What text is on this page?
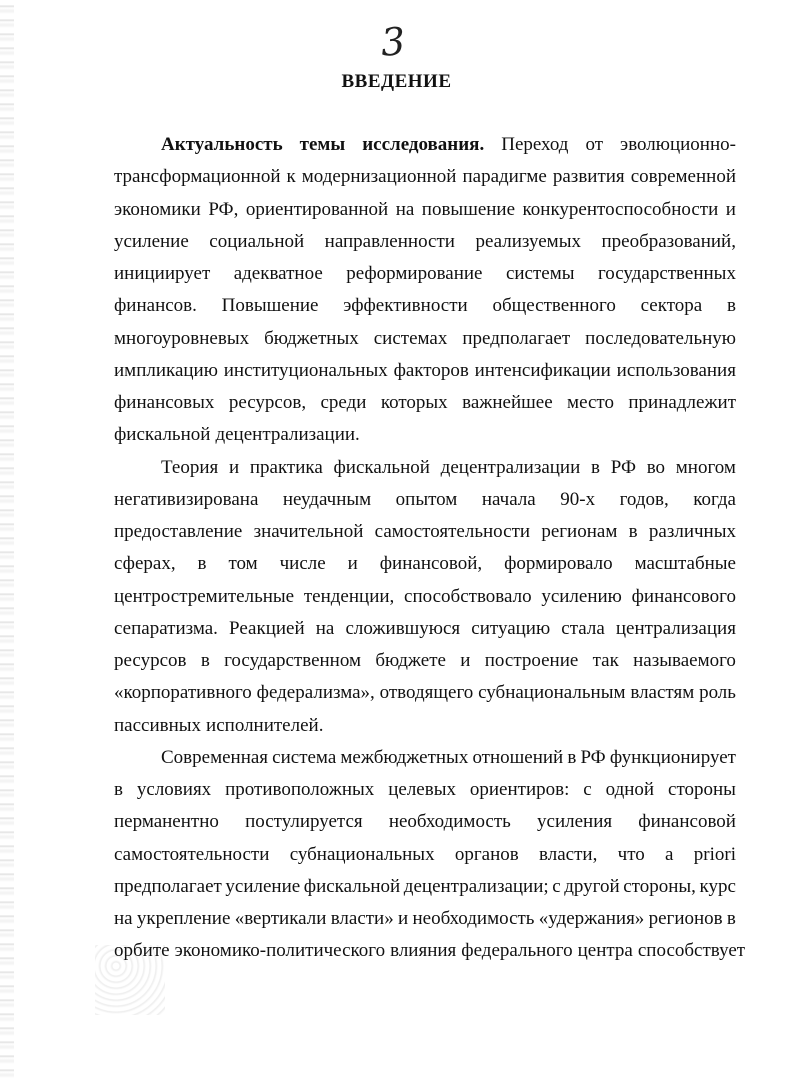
3
ВВЕДЕНИЕ
Актуальность темы исследования. Переход от эволюционно-
трансформационной к модернизационной парадигме развития современной
экономики РФ, ориентированной на повышение конкурентоспособности и
усиление социальной направленности реализуемых преобразований,
инициирует адекватное реформирование системы государственных
финансов. Повышение эффективности общественного сектора в
многоуровневых бюджетных системах предполагает последовательную
импликацию институциональных факторов интенсификации использования
финансовых ресурсов, среди которых важнейшее место принадлежит
фискальной децентрализации.
Теория и практика фискальной децентрализации в РФ во многом
негативизирована неудачным опытом начала 90-х годов, когда
предоставление значительной самостоятельности регионам в различных
сферах, в том числе и финансовой, формировало масштабные
центростремительные тенденции, способствовало усилению финансового
сепаратизма. Реакцией на сложившуюся ситуацию стала централизация
ресурсов в государственном бюджете и построение так называемого
«корпоративного федерализма», отводящего субнациональным властям роль
пассивных исполнителей.
Современная система межбюджетных отношений в РФ функционирует
в условиях противоположных целевых ориентиров: с одной стороны
перманентно постулируется необходимость усиления финансовой
самостоятельности субнациональных органов власти, что a priori
предполагает усиление фискальной децентрализации; с другой стороны, курс
на укрепление «вертикали власти» и необходимость «удержания» регионов в
орбите экономико-политического влияния федерального центра способствует
